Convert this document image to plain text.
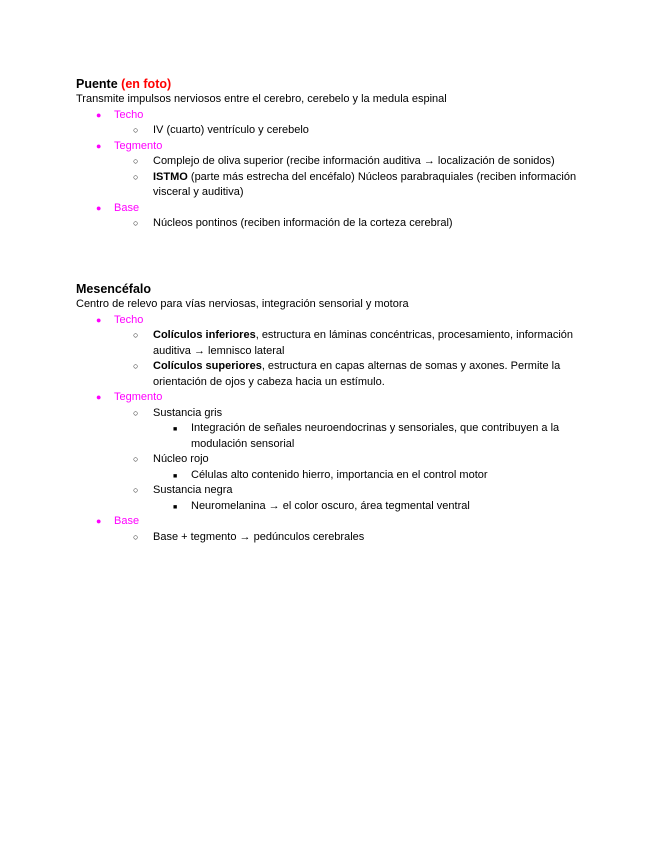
Puente (en foto)

Transmite impulsos nerviosos entre el cerebro, cerebelo y la medula espinal

● Techo
○ IV (cuarto) ventrículo y cerebelo
● Tegmento
○ Complejo de oliva superior (recibe información auditiva → localización de sonidos)
○ ISTMO (parte más estrecha del encéfalo) Núcleos parabraquiales (reciben información visceral y auditiva)
● Base
○ Núcleos pontinos (reciben información de la corteza cerebral)

Mesencéfalo

Centro de relevo para vías nerviosas, integración sensorial y motora

● Techo
○ Colículos inferiores, estructura en láminas concéntricas, procesamiento, información auditiva → lemnisco lateral
○ Colículos superiores, estructura en capas alternas de somas y axones. Permite la orientación de ojos y cabeza hacia un estímulo.
● Tegmento
○ Sustancia gris
■ Integración de señales neuroendocrinas y sensoriales, que contribuyen a la modulación sensorial
○ Núcleo rojo
■ Células alto contenido hierro, importancia en el control motor
○ Sustancia negra
■ Neuromelanina → el color oscuro, área tegmental ventral
● Base
○ Base + tegmento → pedúnculos cerebrales
